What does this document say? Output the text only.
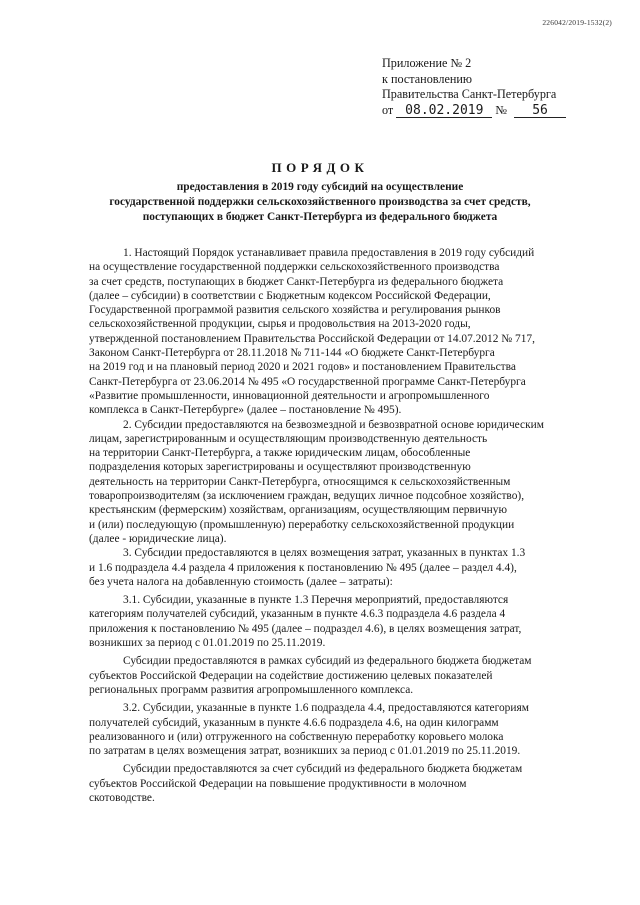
226042/2019-1532(2)
Приложение № 2
к постановлению
Правительства Санкт-Петербурга
от 08.02.2019 № 56
ПОРЯДОК
предоставления в 2019 году субсидий на осуществление
государственной поддержки сельскохозяйственного производства за счет средств,
поступающих в бюджет Санкт-Петербурга из федерального бюджета

1. Настоящий Порядок устанавливает правила предоставления в 2019 году субсидий
на осуществление государственной поддержки сельскохозяйственного производства
за счет средств, поступающих в бюджет Санкт-Петербурга из федерального бюджета
(далее – субсидии) в соответствии с Бюджетным кодексом Российской Федерации,
Государственной программой развития сельского хозяйства и регулирования рынков
сельскохозяйственной продукции, сырья и продовольствия на 2013-2020 годы,
утвержденной постановлением Правительства Российской Федерации от 14.07.2012 № 717,
Законом Санкт-Петербурга от 28.11.2018 № 711-144 «О бюджете Санкт-Петербурга
на 2019 год и на плановый период 2020 и 2021 годов» и постановлением Правительства
Санкт-Петербурга от 23.06.2014 № 495 «О государственной программе Санкт-Петербурга
«Развитие промышленности, инновационной деятельности и агропромышленного
комплекса в Санкт-Петербурге» (далее – постановление № 495).

2. Субсидии предоставляются на безвозмездной и безвозвратной основе юридическим
лицам, зарегистрированным и осуществляющим производственную деятельность
на территории Санкт-Петербурга, а также юридическим лицам, обособленные
подразделения которых зарегистрированы и осуществляют производственную
деятельность на территории Санкт-Петербурга, относящимся к сельскохозяйственным
товаропроизводителям (за исключением граждан, ведущих личное подсобное хозяйство),
крестьянским (фермерским) хозяйствам, организациям, осуществляющим первичную
и (или) последующую (промышленную) переработку сельскохозяйственной продукции
(далее - юридические лица).

3. Субсидии предоставляются в целях возмещения затрат, указанных в пунктах 1.3
и 1.6 подраздела 4.4 раздела 4 приложения к постановлению № 495 (далее – раздел 4.4),
без учета налога на добавленную стоимость (далее – затраты):

3.1. Субсидии, указанные в пункте 1.3 Перечня мероприятий, предоставляются
категориям получателей субсидий, указанным в пункте 4.6.3 подраздела 4.6 раздела 4
приложения к постановлению № 495 (далее – подраздел 4.6), в целях возмещения затрат,
возникших за период с 01.01.2019 по 25.11.2019.

Субсидии предоставляются в рамках субсидий из федерального бюджета бюджетам
субъектов Российской Федерации на содействие достижению целевых показателей
региональных программ развития агропромышленного комплекса.

3.2. Субсидии, указанные в пункте 1.6 подраздела 4.4, предоставляются категориям
получателей субсидий, указанным в пункте 4.6.6 подраздела 4.6, на один килограмм
реализованного и (или) отгруженного на собственную переработку коровьего молока
по затратам в целях возмещения затрат, возникших за период с 01.01.2019 по 25.11.2019.

Субсидии предоставляются за счет субсидий из федерального бюджета бюджетам
субъектов Российской Федерации на повышение продуктивности в молочном
скотоводстве.
